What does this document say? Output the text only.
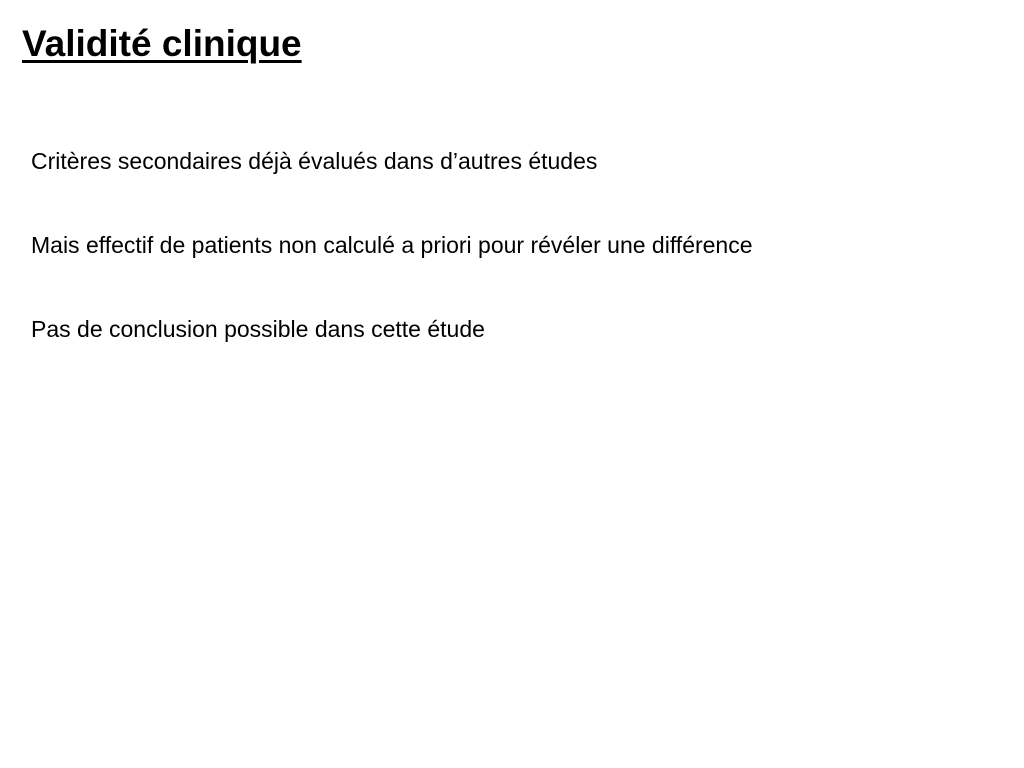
Validité clinique
Critères secondaires déjà évalués dans d’autres études
Mais effectif de patients non calculé a priori pour révéler une différence
Pas de conclusion possible dans cette étude
